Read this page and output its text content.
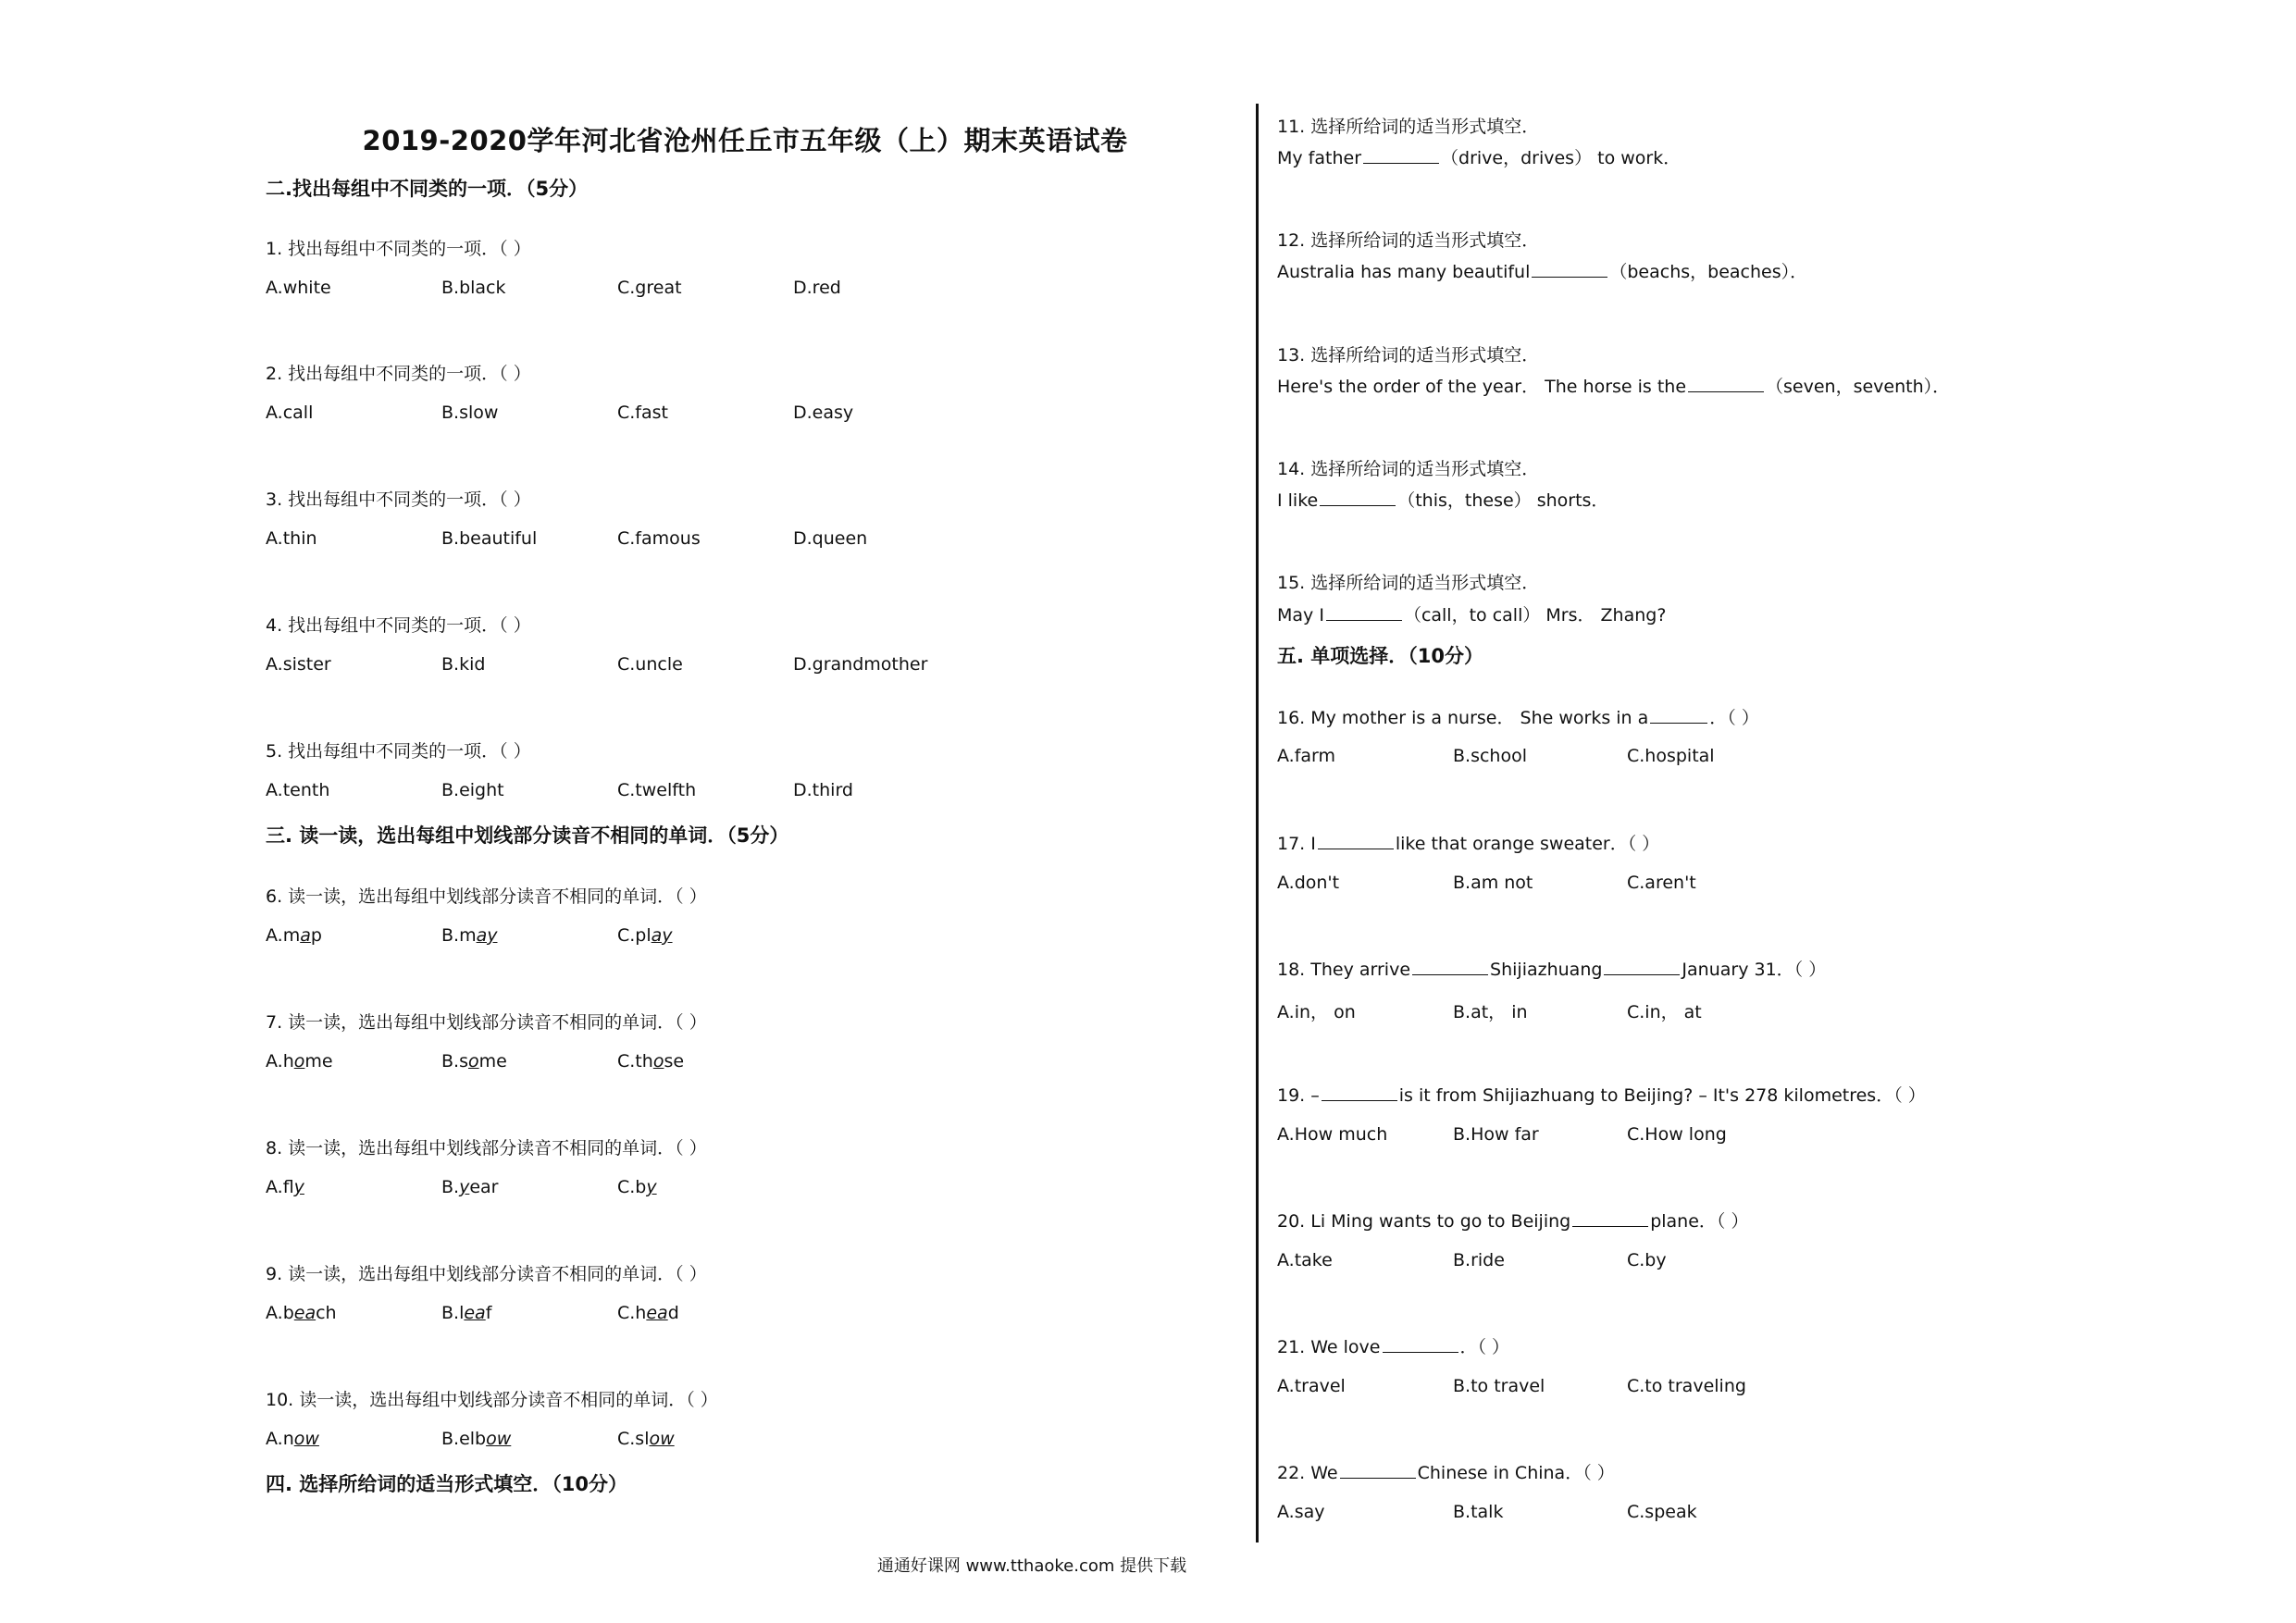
2019-2020学年河北省沧州任丘市五年级（上）期末英语试卷
二.找出每组中不同类的一项．（5分）
1. 找出每组中不同类的一项．（ ）
A.white	B.black	C.great	D.red
2. 找出每组中不同类的一项．（ ）
A.call	B.slow	C.fast	D.easy
3. 找出每组中不同类的一项．（ ）
A.thin	B.beautiful	C.famous	D.queen
4. 找出每组中不同类的一项．（ ）
A.sister	B.kid	C.uncle	D.grandmother
5. 找出每组中不同类的一项．（ ）
A.tenth	B.eight	C.twelfth	D.third
三. 读一读，选出每组中划线部分读音不相同的单词．（5分）
6. 读一读，选出每组中划线部分读音不相同的单词．（ ）
A.map	B.may	C.play
7. 读一读，选出每组中划线部分读音不相同的单词．（ ）
A.home	B.some	C.those
8. 读一读，选出每组中划线部分读音不相同的单词．（ ）
A.fly	B.year	C.by
9. 读一读，选出每组中划线部分读音不相同的单词．（ ）
A.beach	B.leaf	C.head
10. 读一读，选出每组中划线部分读音不相同的单词．（ ）
A.now	B.elbow	C.slow
四. 选择所给词的适当形式填空．（10分）
11. 选择所给词的适当形式填空．
My father	（drive，drives） to work．
12. 选择所给词的适当形式填空．
Australia has many beautiful	（beachs，beaches）．
13. 选择所给词的适当形式填空．
Here's the order of the year． The horse is the	（seven，seventh）．
14. 选择所给词的适当形式填空．
I like	（this，these） shorts．
15. 选择所给词的适当形式填空．
May I	（call，to call） Mrs． Zhang?
五. 单项选择．（10分）
16. My mother is a nurse． She works in a	．（ ）
A.farm	B.school	C.hospital
17. I	like that orange sweater．（ ）
A.don't	B.am not	C.aren't
18. They arrive	Shijiazhuang	January 31．（ ）
A.in， on	B.at， in	C.in， at
19. –	is it from Shijiazhuang to Beijing? – It's 278 kilometres．（ ）
A.How much	B.How far	C.How long
20. Li Ming wants to go to Beijing	plane．（ ）
A.take	B.ride	C.by
21. We love	．（ ）
A.travel	B.to travel	C.to traveling
22. We	Chinese in China．（ ）
A.say	B.talk	C.speak
通通好课网 www.tthaoke.com 提供下载
